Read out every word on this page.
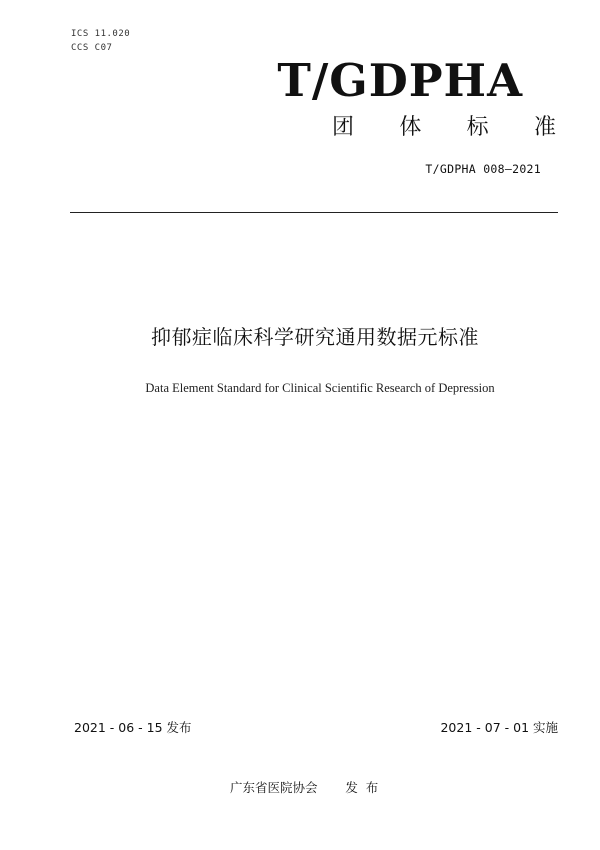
ICS 11.020
CCS C07
T/GDPHA
团 体 标 准
T/GDPHA 008—2021
抑郁症临床科学研究通用数据元标准
Data Element Standard for Clinical Scientific Research of Depression
2021 - 06 - 15 发布	2021 - 07 - 01 实施
广东省医院协会       发  布
